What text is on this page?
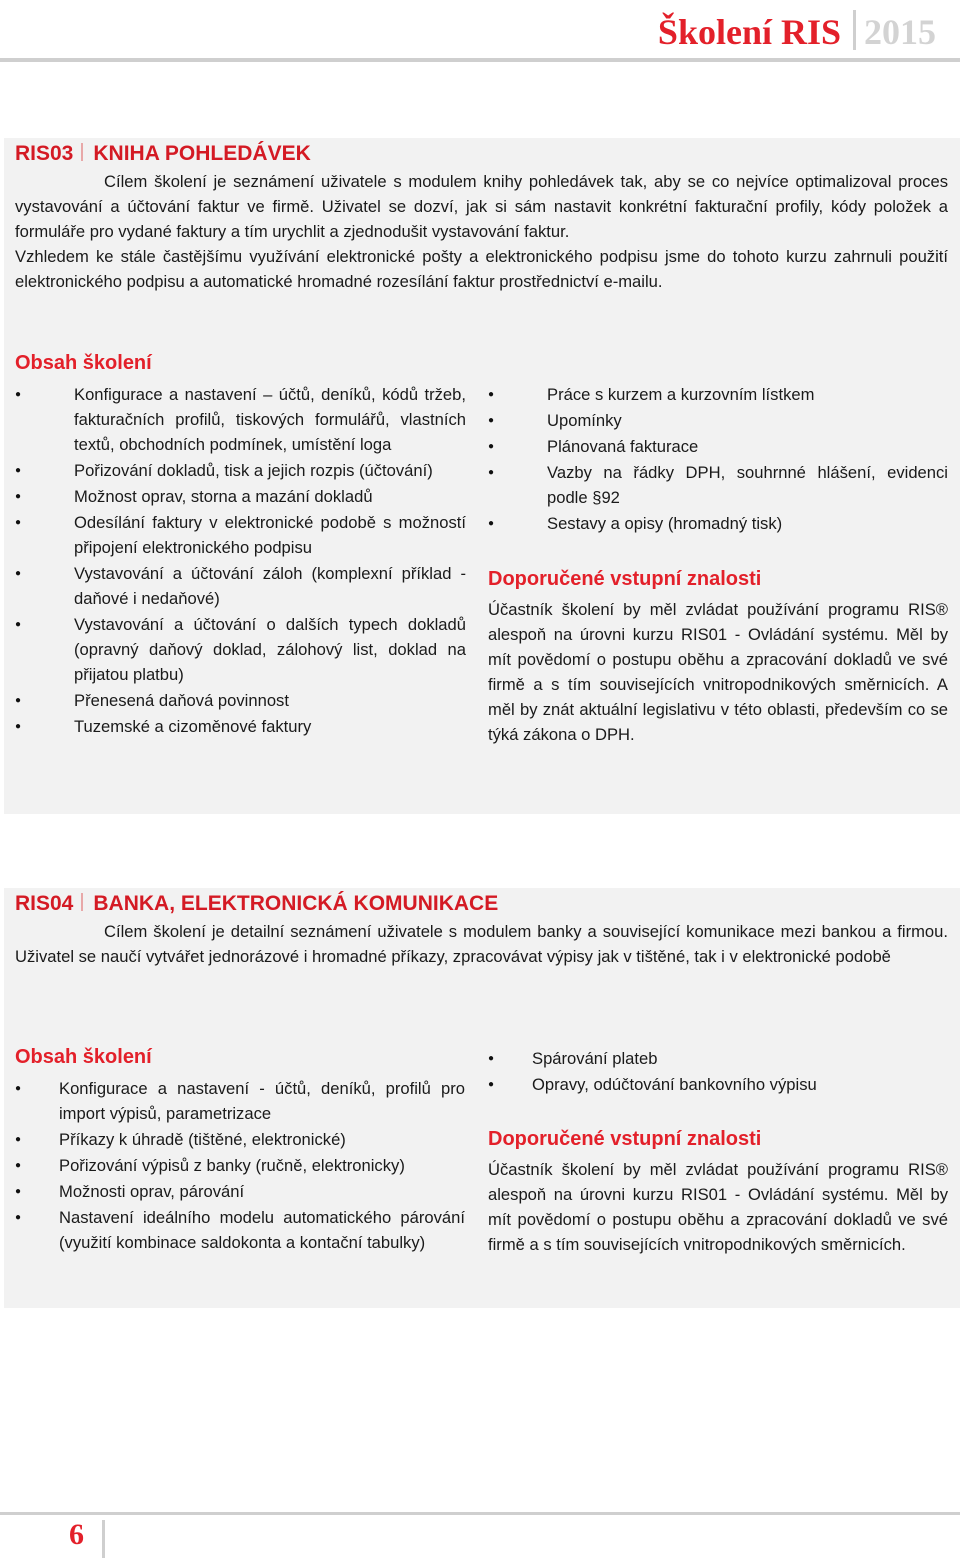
Školení RIS 2015
RIS03 KNIHA POHLEDÁVEK

Cílem školení je seznámení uživatele s modulem knihy pohledávek tak, aby se co nejvíce optimalizoval proces vystavování a účtování faktur ve firmě. Uživatel se dozví, jak si sám nastavit konkrétní fakturační profily, kódy položek a formuláře pro vydané faktury a tím urychlit a zjednodušit vystavování faktur.

Vzhledem ke stále častějšímu využívání elektronické pošty a elektronického podpisu jsme do tohoto kurzu zahrnuli použití elektronického podpisu a automatické hromadné rozesílání faktur prostřednictví e-mailu.

Obsah školení
● Konfigurace a nastavení – účtů, deníků, kódů tržeb, fakturačních profilů, tiskových formulářů, vlastních textů, obchodních podmínek, umístění loga
● Pořizování dokladů, tisk a jejich rozpis (účtování)
● Možnost oprav, storna a mazání dokladů
● Odesílání faktury v elektronické podobě s možností připojení elektronického podpisu
● Vystavování a účtování záloh (komplexní příklad - daňové i nedaňové)
● Vystavování a účtování o dalších typech dokladů (opravný daňový doklad, zálohový list, doklad na přijatou platbu)
● Přenesená daňová povinnost
● Tuzemské a cizoměnové faktury
● Práce s kurzem a kurzovním lístkem
● Upomínky
● Plánovaná fakturace
● Vazby na řádky DPH, souhrnné hlášení, evidenci podle §92
● Sestavy a opisy (hromadný tisk)
Doporučené vstupní znalosti
Účastník školení by měl zvládat používání programu RIS® alespoň na úrovni kurzu RIS01 - Ovládání systému. Měl by mít povědomí o postupu oběhu a zpracování dokladů ve své firmě a s tím souvisejících vnitropodnikových směrnicích. A měl by znát aktuální legislativu v této oblasti, především co se týká zákona o DPH.
RIS04 BANKA, ELEKTRONICKÁ KOMUNIKACE

Cílem školení je detailní seznámení uživatele s modulem banky a související komunikace mezi bankou a firmou. Uživatel se naučí vytvářet jednorázové i hromadné příkazy, zpracovávat výpisy jak v tištěné, tak i v elektronické podobě

Obsah školení
● Konfigurace a nastavení - účtů, deníků, profilů pro import výpisů, parametrizace
● Příkazy k úhradě (tištěné, elektronické)
● Pořizování výpisů z banky (ručně, elektronicky)
● Možnosti oprav, párování
● Nastavení ideálního modelu automatického párování (využití kombinace saldokonta a kontační tabulky)
● Spárování plateb
● Opravy, odúčtování bankovního výpisu
Doporučené vstupní znalosti
Účastník školení by měl zvládat používání programu RIS® alespoň na úrovni kurzu RIS01 - Ovládání systému. Měl by mít povědomí o postupu oběhu a zpracování dokladů ve své firmě a s tím souvisejících vnitropodnikových směrnicích.
6
